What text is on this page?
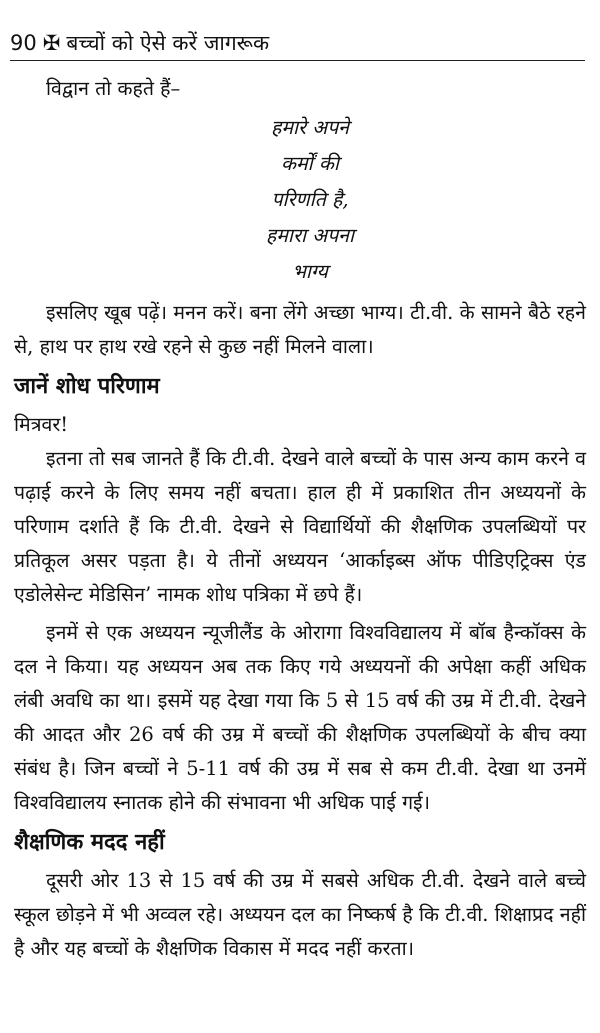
90 ✠ बच्चों को ऐसे करें जागरूक

विद्वान तो कहते हैं–

हमारे अपने
कर्मों की
परिणति है,
हमारा अपना
भाग्य

इसलिए खूब पढ़ें। मनन करें। बना लेंगे अच्छा भाग्य। टी.वी. के सामने बैठे रहने से, हाथ पर हाथ रखे रहने से कुछ नहीं मिलने वाला।

जानें शोध परिणाम

मित्रवर!

इतना तो सब जानते हैं कि टी.वी. देखने वाले बच्चों के पास अन्य काम करने व पढ़ाई करने के लिए समय नहीं बचता। हाल ही में प्रकाशित तीन अध्ययनों के परिणाम दर्शाते हैं कि टी.वी. देखने से विद्यार्थियों की शैक्षणिक उपलब्धियों पर प्रतिकूल असर पड़ता है। ये तीनों अध्ययन ‘आर्काइब्स ऑफ पीडिएट्रिक्स एंड एडोलेसेन्ट मेडिसिन’ नामक शोध पत्रिका में छपे हैं।

इनमें से एक अध्ययन न्यूजीलैंड के ओरागा विश्वविद्यालय में बॉब हैन्कॉक्स के दल ने किया। यह अध्ययन अब तक किए गये अध्ययनों की अपेक्षा कहीं अधिक लंबी अवधि का था। इसमें यह देखा गया कि 5 से 15 वर्ष की उम्र में टी.वी. देखने की आदत और 26 वर्ष की उम्र में बच्चों की शैक्षणिक उपलब्धियों के बीच क्या संबंध है। जिन बच्चों ने 5-11 वर्ष की उम्र में सब से कम टी.वी. देखा था उनमें विश्वविद्यालय स्नातक होने की संभावना भी अधिक पाई गई।

शैक्षणिक मदद नहीं

दूसरी ओर 13 से 15 वर्ष की उम्र में सबसे अधिक टी.वी. देखने वाले बच्चे स्कूल छोड़ने में भी अव्वल रहे। अध्ययन दल का निष्कर्ष है कि टी.वी. शिक्षाप्रद नहीं है और यह बच्चों के शैक्षणिक विकास में मदद नहीं करता।
